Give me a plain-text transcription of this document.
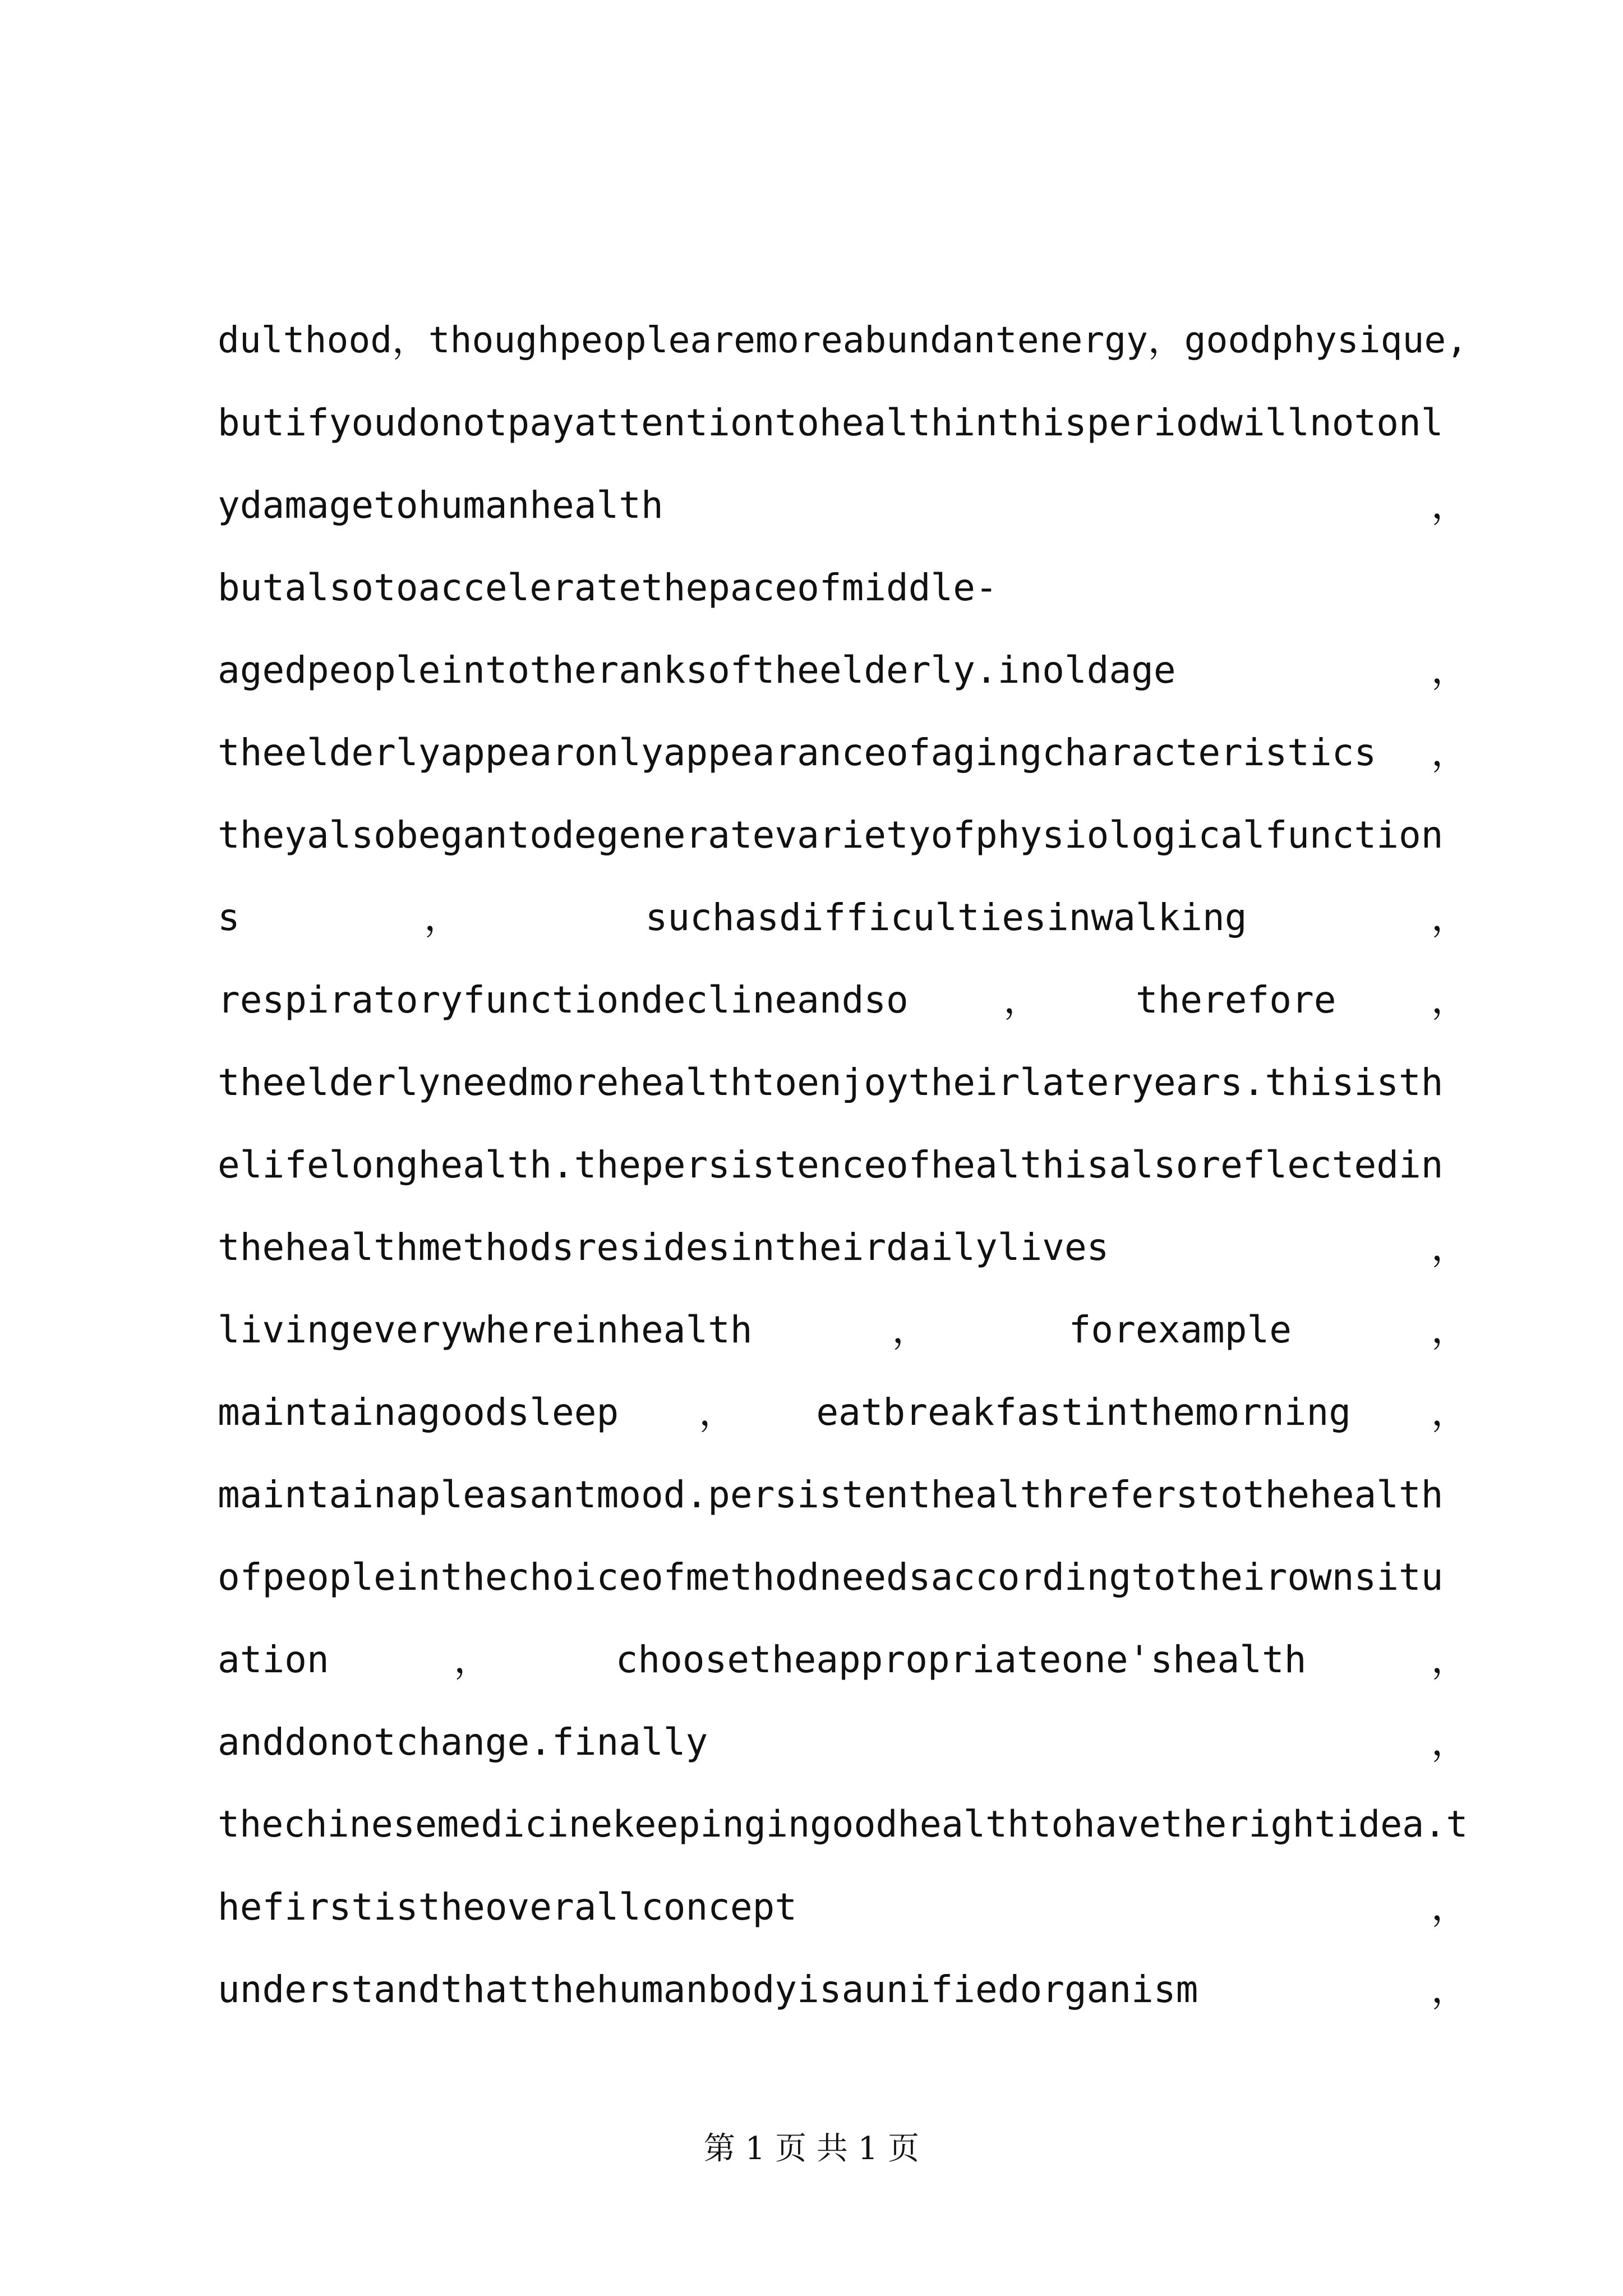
dulthood，thoughpeoplearemoreabundantenergy，goodphysique,
butifyoudonotpayattentiontohealthinthisperiodwillnotonl
ydamagetohumanhealth	，
butalsotoacceleratethepaceofmiddle-
agedpeopleintotheranksoftheelderly.inoldage	，
theelderlyappearonlyappearanceofagingcharacteristics ，
theyalsobegantodegeneratevarietyofphysiologicalfunction
s	，	suchasdifficultiesinwalking	，
respiratoryfunctiondeclineandso	，	therefore	，
theelderlyneedmorehealthtoenjoytheirlateryears.thisisth
elifelonghealth.thepersistenceofhealthisalsoreflectedin
thehealthmethodsresidesintheirdailylives	，
livingeverywhereinhealth	，	forexample	，
maintainagoodsleep ， eatbreakfastinthemorning ，
maintainapleasantmood.persistenthealthreferstothehealth
ofpeopleinthechoiceofmethodneedsaccordingtotheirownsitu
ation	，	choosetheappropriateone'shealth	，
anddonotchange.finally	，
thechinesemedicinekeepingingoodhealthtohavetherightidea.t
hefirstistheoverallconcept	，
understandthatthehumanbodyisaunifiedorganism	，
第 1 页 共 1 页
